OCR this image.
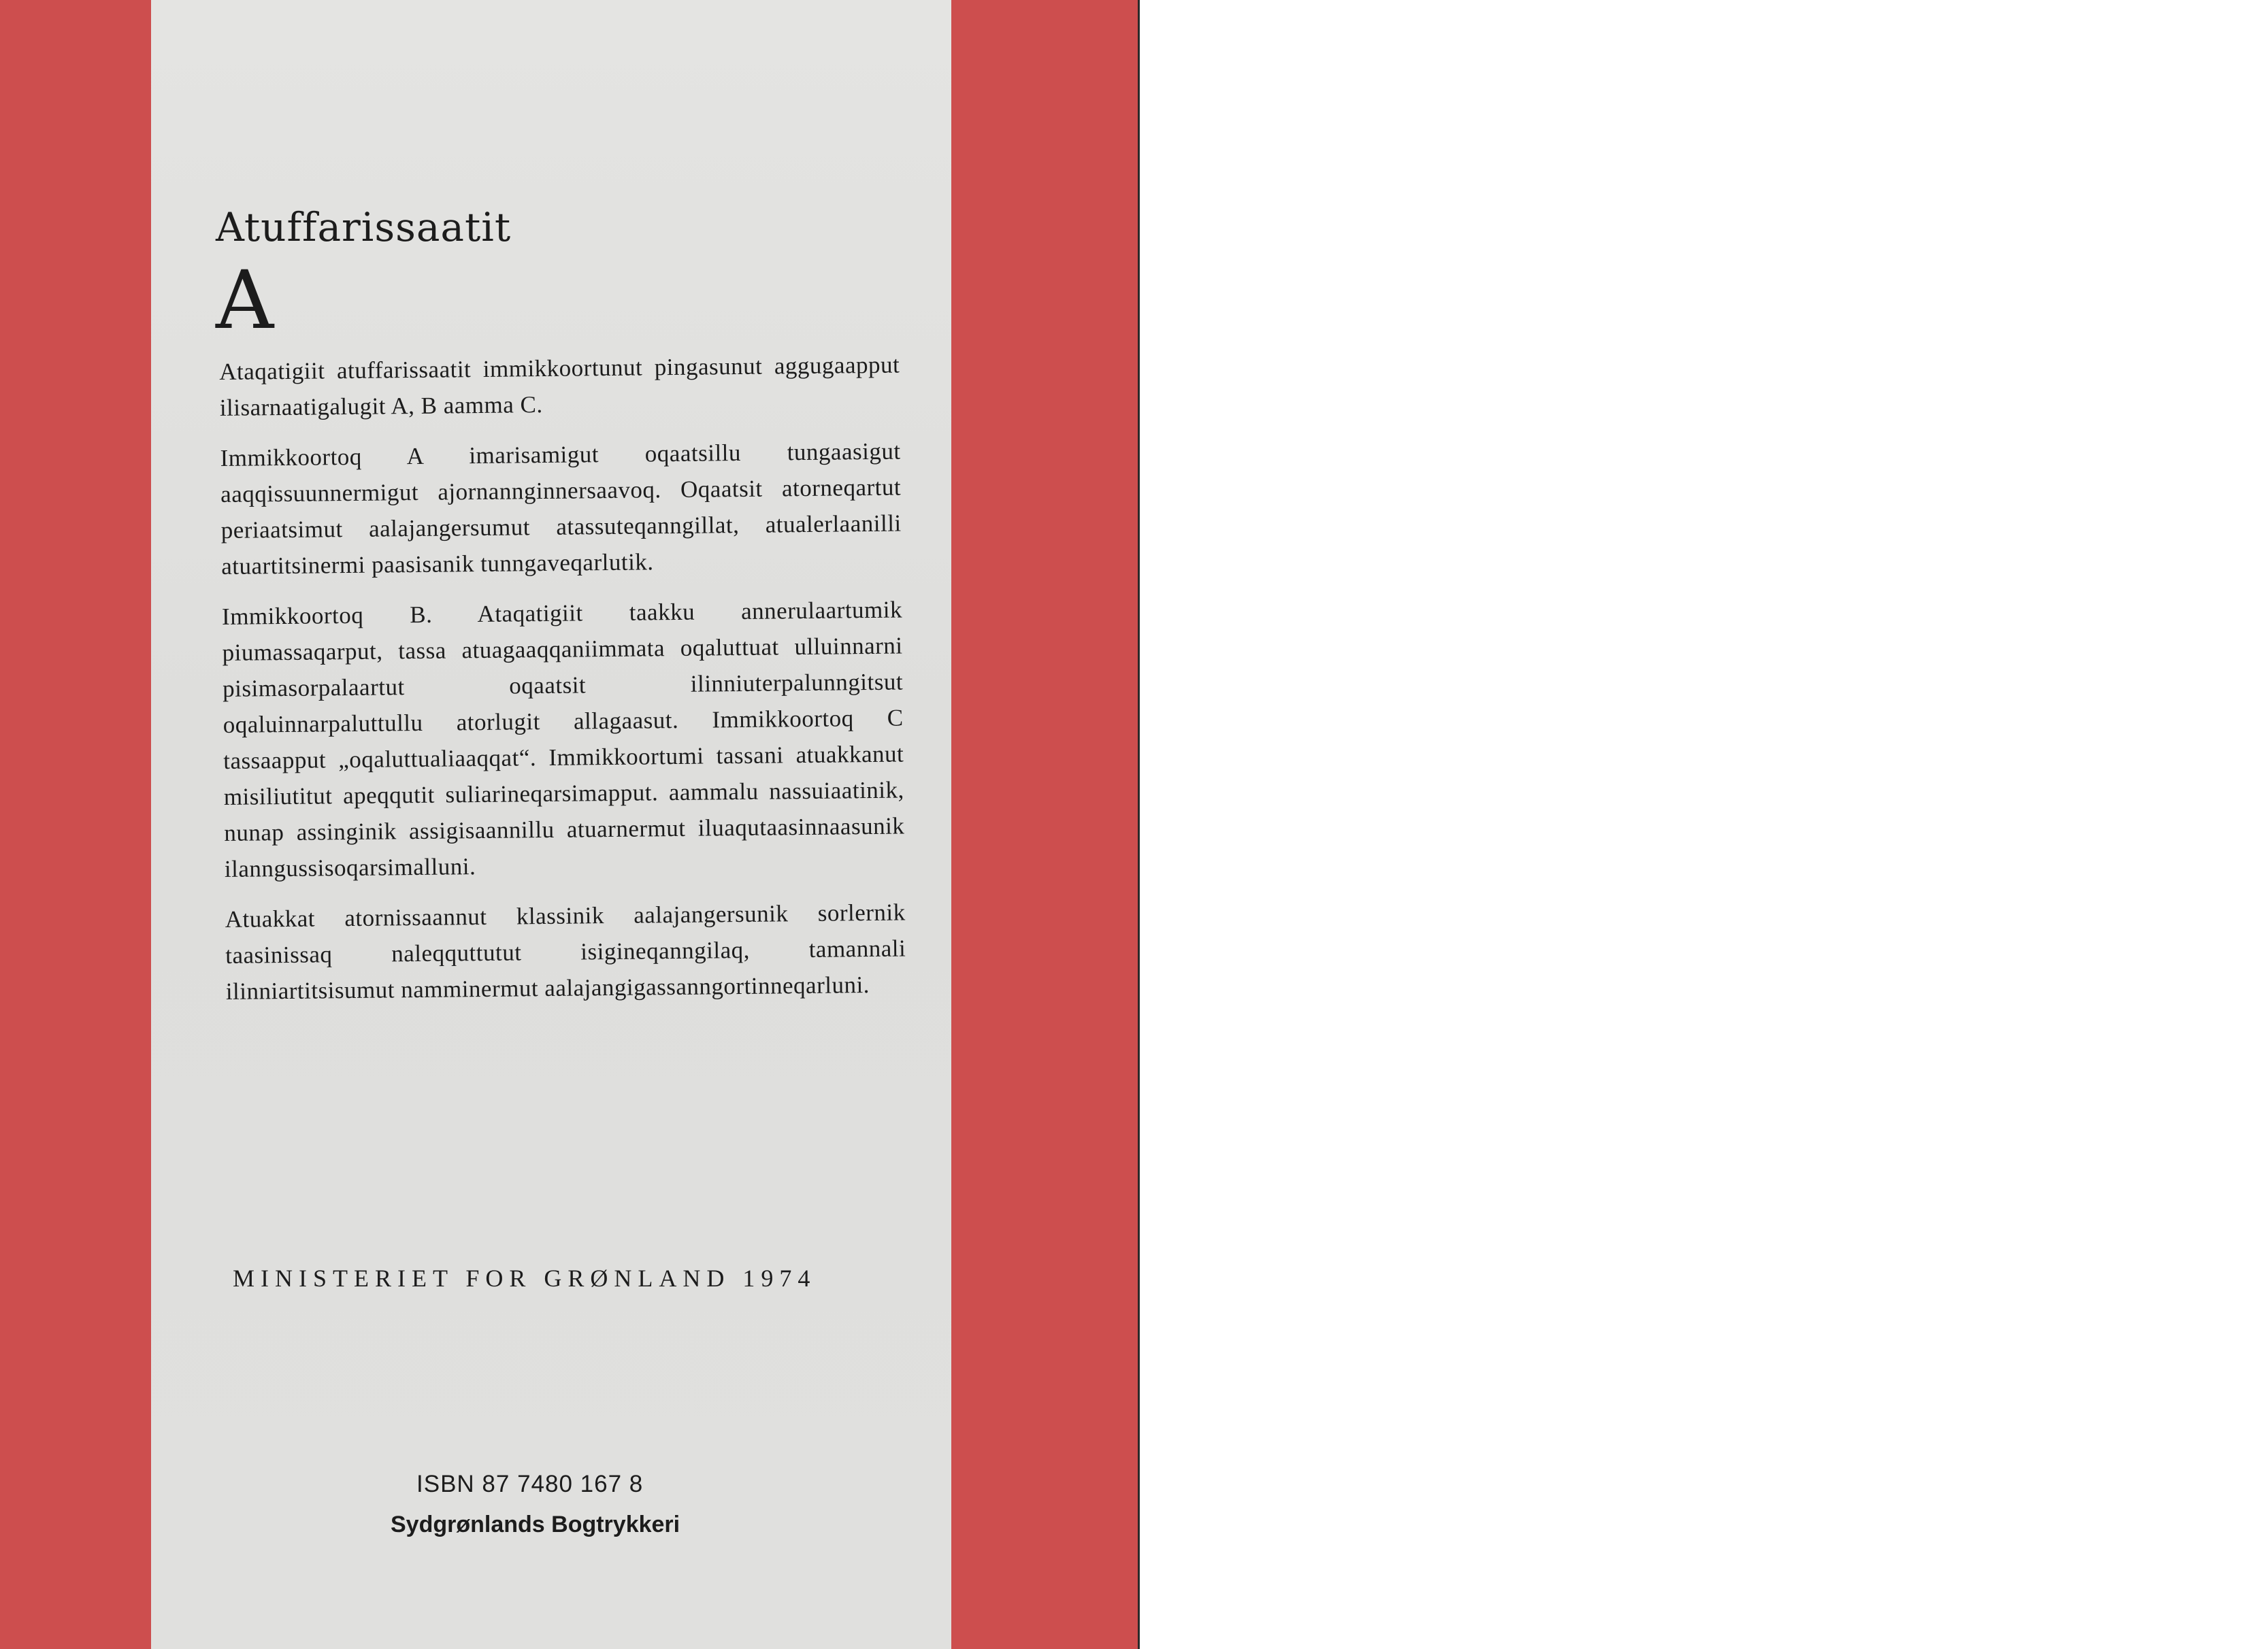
Atuffarissaatit
A

Ataqatigiit atuffarissaatit immikkoortunut pingasunut aggugaapput ilisarnaatigalugit A, B aamma C.

Immikkoortoq A imarisamigut oqaatsillu tungaasigut aaqqissuunnermigut ajornannginnersaavoq. Oqaatsit atorneqartut periaatsimut aalajangersumut atassuteqanngillat, atualerlaanilli atuartitsinermi paasisanik tunngaveqarlutik.

Immikkoortoq B. Ataqatigiit taakku annerulaartumik piumassaqarput, tassa atuagaaqqaniimmata oqaluttuat ulluinnarni pisimasorpalaartut oqaatsit ilinniuterpalunngitsut oqaluinnarpaluttullu atorlugit allagaasut. Immikkoortoq C tassaapput „oqaluttualiaaqqat“. Immikkoortumi tassani atuakkanut misiliutitut apeqqutit suliarineqarsimapput. aammalu nassuiaatinik, nunap assinginik assigisaannillu atuarnermut iluaqutaasinnaasunik ilanngussisoqarsimalluni.

Atuakkat atornissaannut klassinik aalajangersunik sorlernik taasinissaq naleqquttutut isigineqanngilaq, tamannali ilinniartitsisumut namminermut aalajangigassanngortinneqarluni.

MINISTERIET FOR GRØNLAND 1974
ISBN 87 7480 167 8
Sydgrønlands Bogtrykkeri
